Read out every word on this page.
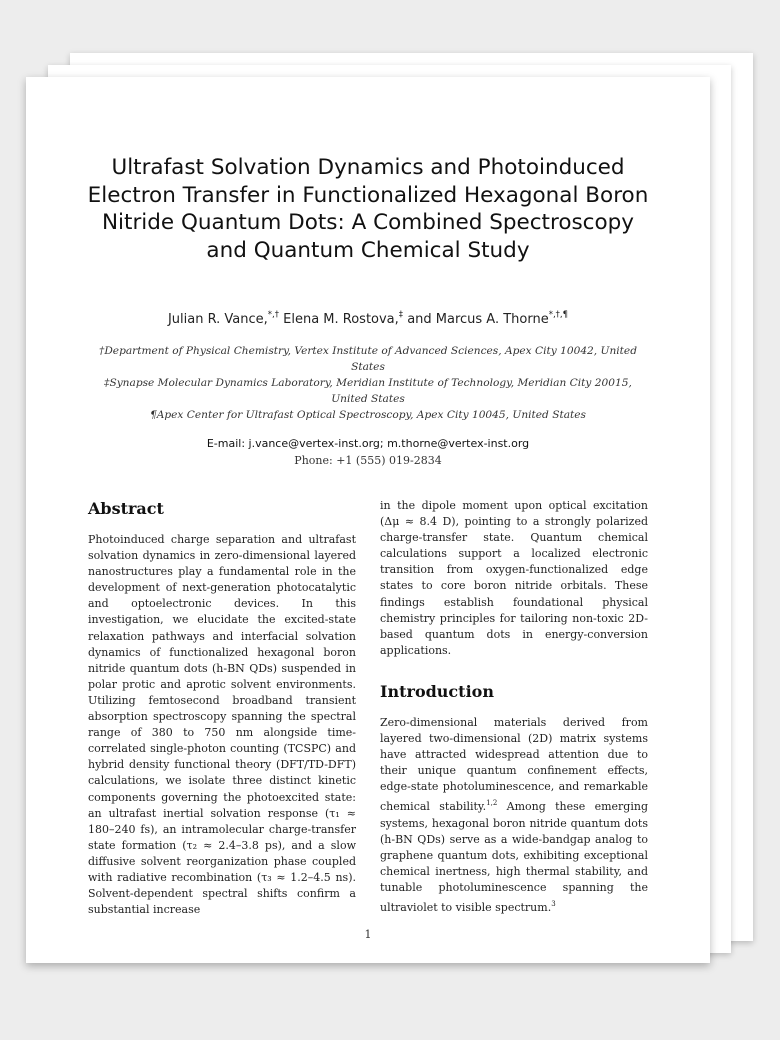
Ultrafast Solvation Dynamics and Photoinduced Electron Transfer in Functionalized Hexagonal Boron Nitride Quantum Dots: A Combined Spectroscopy and Quantum Chemical Study
Julian R. Vance,*,† Elena M. Rostova,‡ and Marcus A. Thorne*,†,¶

†Department of Physical Chemistry, Vertex Institute of Advanced Sciences, Apex City 10042, United States

‡Synapse Molecular Dynamics Laboratory, Meridian Institute of Technology, Meridian City 20015, United States

¶Apex Center for Ultrafast Optical Spectroscopy, Apex City 10045, United States

E-mail: j.vance@vertex-inst.org; m.thorne@vertex-inst.org
Phone: +1 (555) 019-2834
Abstract

Photoinduced charge separation and ultrafast solvation dynamics in zero-dimensional layered nanostructures play a fundamental role in the development of next-generation photocatalytic and optoelectronic devices. In this investigation, we elucidate the excited-state relaxation pathways and interfacial solvation dynamics of functionalized hexagonal boron nitride quantum dots (h-BN QDs) suspended in polar protic and aprotic solvent environments. Utilizing femtosecond broadband transient absorption spectroscopy spanning the spectral range of 380 to 750 nm alongside time-correlated single-photon counting (TCSPC) and hybrid density functional theory (DFT/TD-DFT) calculations, we isolate three distinct kinetic components governing the photoexcited state: an ultrafast inertial solvation response (τ₁ ≈ 180–240 fs), an intramolecular charge-transfer state formation (τ₂ ≈ 2.4–3.8 ps), and a slow diffusive solvent reorganization phase coupled with radiative recombination (τ₃ ≈ 1.2–4.5 ns). Solvent-dependent spectral shifts confirm a substantial increase

in the dipole moment upon optical excitation (Δμ ≈ 8.4 D), pointing to a strongly polarized charge-transfer state. Quantum chemical calculations support a localized electronic transition from oxygen-functionalized edge states to core boron nitride orbitals. These findings establish foundational physical chemistry principles for tailoring non-toxic 2D-based quantum dots in energy-conversion applications.

Introduction

Zero-dimensional materials derived from layered two-dimensional (2D) matrix systems have attracted widespread attention due to their unique quantum confinement effects, edge-state photoluminescence, and remarkable chemical stability.$^{1,2}$ Among these emerging systems, hexagonal boron nitride quantum dots (h-BN QDs) serve as a wide-bandgap analog to graphene quantum dots, exhibiting exceptional chemical inertness, high thermal stability, and tunable photoluminescence spanning the ultraviolet to visible spectrum.$^3$

1
